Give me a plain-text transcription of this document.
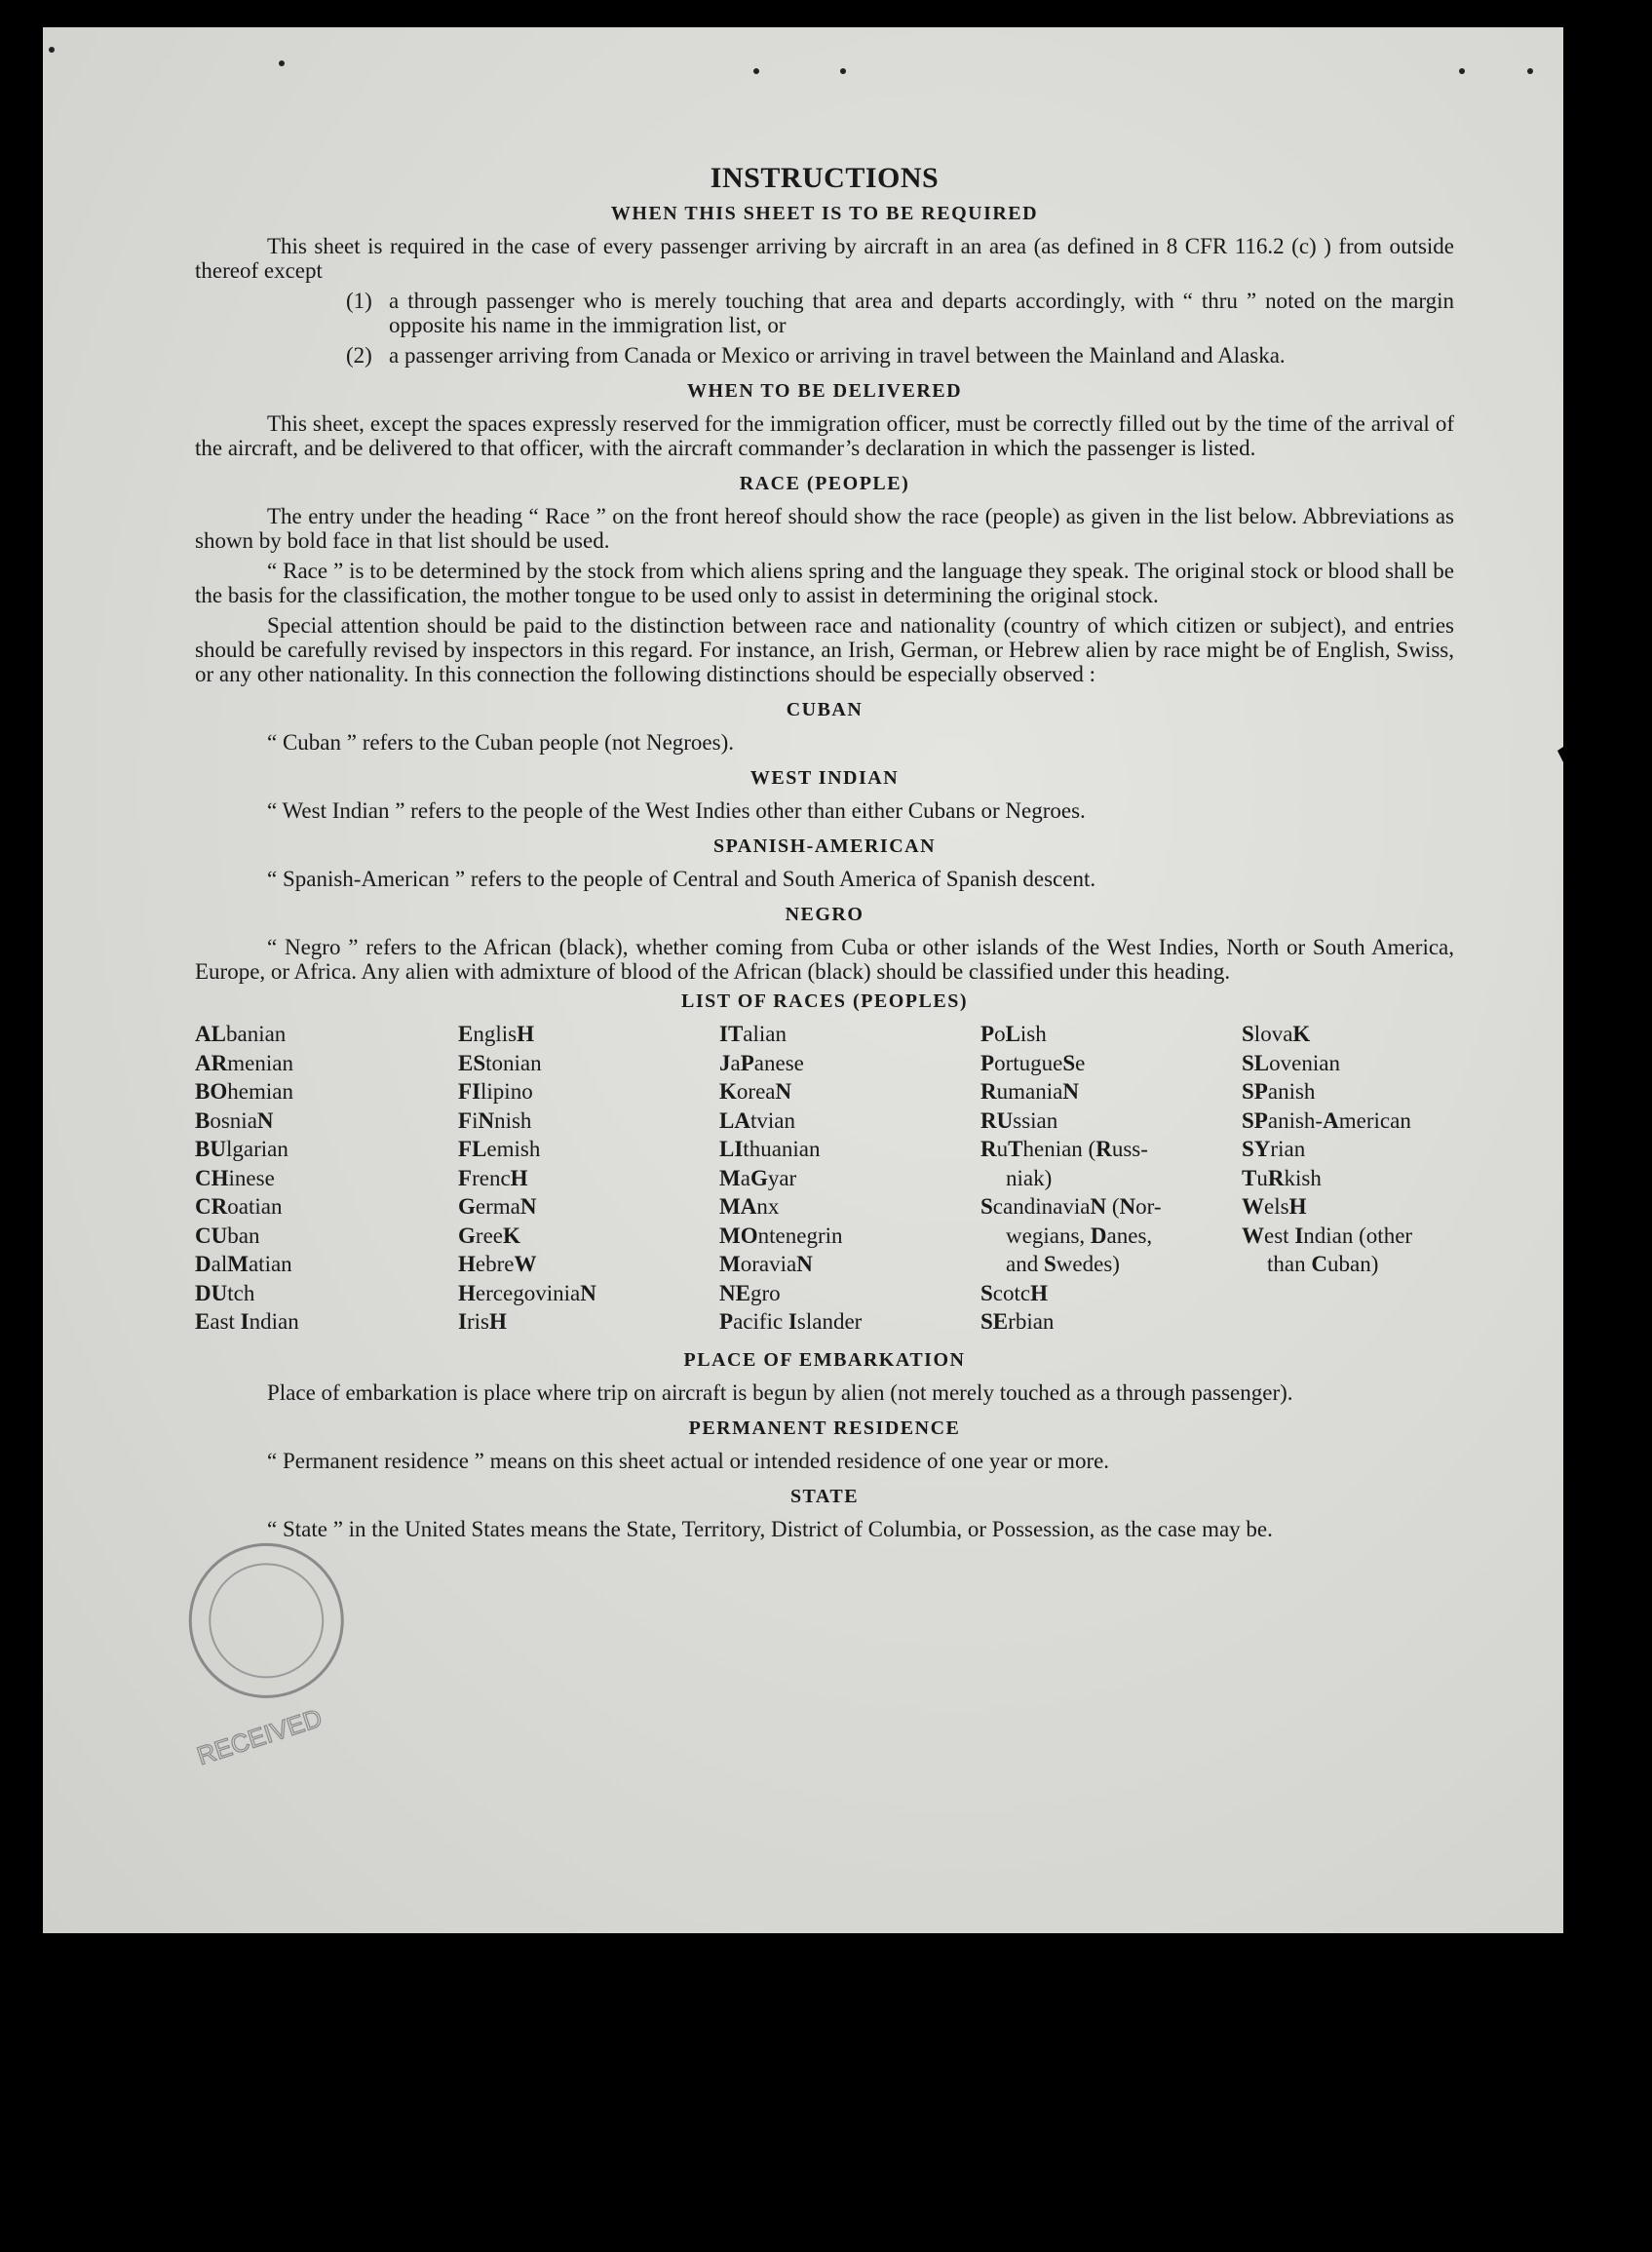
RECEIVED
INSTRUCTIONS
WHEN THIS SHEET IS TO BE REQUIRED

This sheet is required in the case of every passenger arriving by aircraft in an area (as defined in 8 CFR 116.2 (c) ) from outside thereof except

(1) a through passenger who is merely touching that area and departs accordingly, with “ thru ” noted on the margin opposite his name in the immigration list, or
(2) a passenger arriving from Canada or Mexico or arriving in travel between the Mainland and Alaska.
WHEN TO BE DELIVERED

This sheet, except the spaces expressly reserved for the immigration officer, must be correctly filled out by the time of the arrival of the aircraft, and be delivered to that officer, with the aircraft commander’s declaration in which the passenger is listed.

RACE (PEOPLE)

The entry under the heading “ Race ” on the front hereof should show the race (people) as given in the list below. Abbreviations as shown by bold face in that list should be used.

“ Race ” is to be determined by the stock from which aliens spring and the language they speak. The original stock or blood shall be the basis for the classification, the mother tongue to be used only to assist in determining the original stock.

Special attention should be paid to the distinction between race and nationality (country of which citizen or subject), and entries should be carefully revised by inspectors in this regard. For instance, an Irish, German, or Hebrew alien by race might be of English, Swiss, or any other nationality. In this connection the following distinctions should be especially observed :

CUBAN

“ Cuban ” refers to the Cuban people (not Negroes).

WEST INDIAN

“ West Indian ” refers to the people of the West Indies other than either Cubans or Negroes.

SPANISH-AMERICAN

“ Spanish-American ” refers to the people of Central and South America of Spanish descent.

NEGRO

“ Negro ” refers to the African (black), whether coming from Cuba or other islands of the West Indies, North or South America, Europe, or Africa. Any alien with admixture of blood of the African (black) should be classified under this heading.

LIST OF RACES (PEOPLES)
ALbanian
ARmenian
BOhemian
BosniaN
BUlgarian
CHinese
CRoatian
CUban
DalMatian
DUtch
East Indian
EnglisH
EStonian
FIlipino
FiNnish
FLemish
FrencH
GermaN
GreeK
HebreW
HercegoviniaN
IrisH
ITalian
JaPanese
KoreaN
LAtvian
LIthuanian
MaGyar
MAnx
MOntenegrin
MoraviaN
NEgro
Pacific Islander
PoLish
PortugueSe
RumaniaN
RUssian
RuThenian (Russ-
niak)
ScandinaviaN (Nor-
wegians, Danes,
and Swedes)
ScotcH
SErbian
SlovaK
SLovenian
SPanish
SPanish-American
SYrian
TuRkish
WelsH
West Indian (other
than Cuban)
PLACE OF EMBARKATION

Place of embarkation is place where trip on aircraft is begun by alien (not merely touched as a through passenger).

PERMANENT RESIDENCE

“ Permanent residence ” means on this sheet actual or intended residence of one year or more.

STATE

“ State ” in the United States means the State, Territory, District of Columbia, or Possession, as the case may be.
